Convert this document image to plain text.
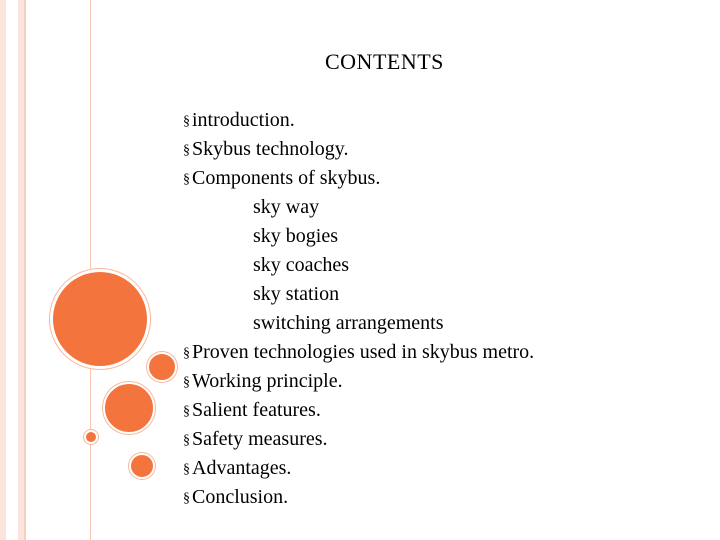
CONTENTS
§ introduction.
§ Skybus technology.
§ Components of skybus.
sky way
sky bogies
sky coaches
sky station
switching arrangements
§ Proven technologies used in skybus metro.
§ Working principle.
§ Salient features.
§ Safety measures.
§ Advantages.
§ Conclusion.
